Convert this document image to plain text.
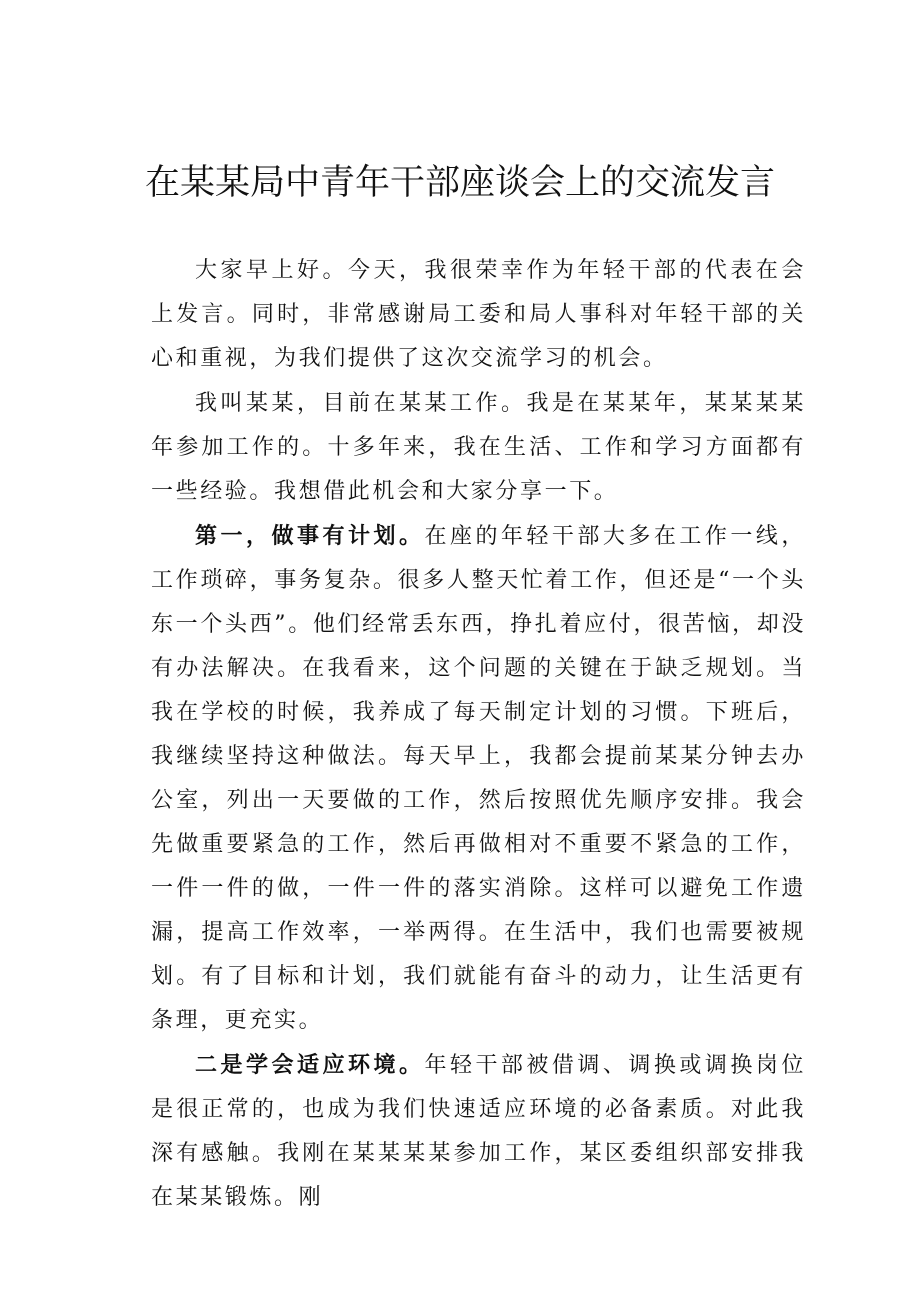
在某某局中青年干部座谈会上的交流发言

大家早上好。今天，我很荣幸作为年轻干部的代表在会上发言。同时，非常感谢局工委和局人事科对年轻干部的关心和重视，为我们提供了这次交流学习的机会。

我叫某某，目前在某某工作。我是在某某年，某某某某年参加工作的。十多年来，我在生活、工作和学习方面都有一些经验。我想借此机会和大家分享一下。

第一，做事有计划。在座的年轻干部大多在工作一线，工作琐碎，事务复杂。很多人整天忙着工作，但还是“一个头东一个头西”。他们经常丢东西，挣扎着应付，很苦恼，却没有办法解决。在我看来，这个问题的关键在于缺乏规划。当我在学校的时候，我养成了每天制定计划的习惯。下班后，我继续坚持这种做法。每天早上，我都会提前某某分钟去办公室，列出一天要做的工作，然后按照优先顺序安排。我会先做重要紧急的工作，然后再做相对不重要不紧急的工作，一件一件的做，一件一件的落实消除。这样可以避免工作遗漏，提高工作效率，一举两得。在生活中，我们也需要被规划。有了目标和计划，我们就能有奋斗的动力，让生活更有条理，更充实。

二是学会适应环境。年轻干部被借调、调换或调换岗位是很正常的，也成为我们快速适应环境的必备素质。对此我深有感触。我刚在某某某某参加工作，某区委组织部安排我在某某锻炼。刚
